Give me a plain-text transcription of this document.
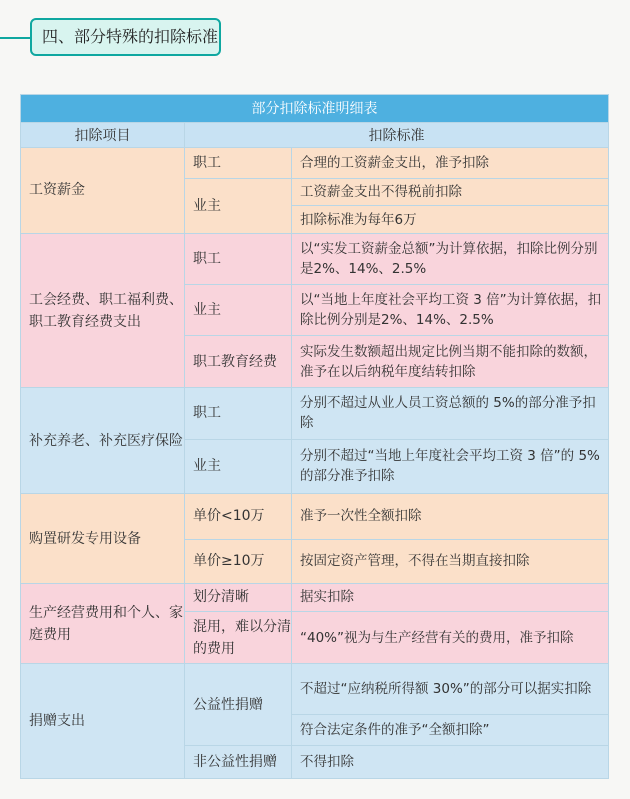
四、部分特殊的扣除标准
部分扣除标准明细表		
扣除项目	扣除标准	
工资薪金	职工	合理的工资薪金支出，准予扣除
	业主	工资薪金支出不得税前扣除
		扣除标准为每年6万
工会经费、职工福利费、职工教育经费支出	职工	以“实发工资薪金总额”为计算依据，扣除比例分别是2%、14%、2.5%
	业主	以“当地上年度社会平均工资 3 倍”为计算依据，扣除比例分别是2%、14%、2.5%
	职工教育经费	实际发生数额超出规定比例当期不能扣除的数额，准予在以后纳税年度结转扣除
补充养老、补充医疗保险	职工	分别不超过从业人员工资总额的 5%的部分准予扣除
	业主	分别不超过“当地上年度社会平均工资 3 倍”的 5%的部分准予扣除
购置研发专用设备	单价<10万	准予一次性全额扣除
	单价≥10万	按固定资产管理，不得在当期直接扣除
生产经营费用和个人、家庭费用	划分清晰	据实扣除
	混用，难以分清的费用	“40%”视为与生产经营有关的费用，准予扣除
捐赠支出	公益性捐赠	不超过“应纳税所得额 30%”的部分可以据实扣除
		符合法定条件的准予“全额扣除”
	非公益性捐赠	不得扣除
